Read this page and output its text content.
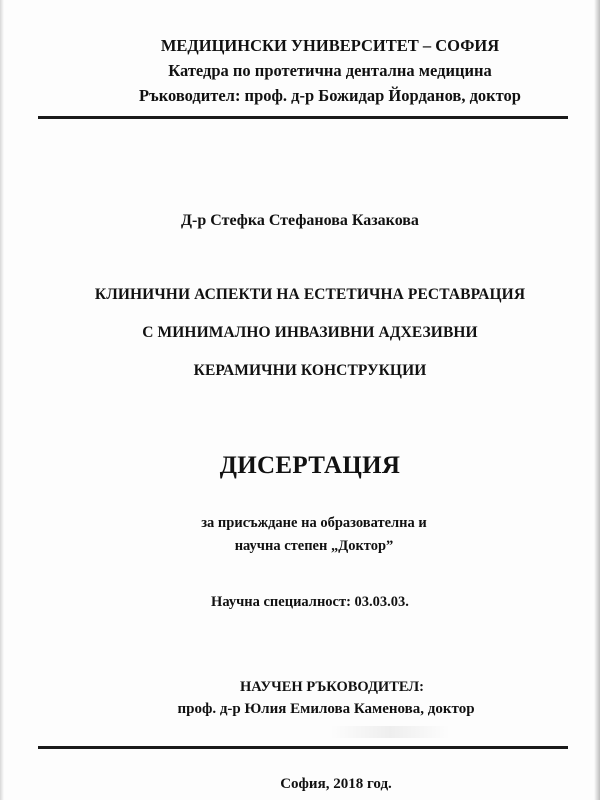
МЕДИЦИНСКИ УНИВЕРСИТЕТ – СОФИЯ
Катедра по протетична дентална медицина
Ръководител: проф. д-р Божидар Йорданов, доктор
Д-р Стефка Стефанова Казакова
КЛИНИЧНИ АСПЕКТИ НА ЕСТЕТИЧНА РЕСТАВРАЦИЯ
С МИНИМАЛНО ИНВАЗИВНИ АДХЕЗИВНИ
КЕРАМИЧНИ КОНСТРУКЦИИ
ДИСЕРТАЦИЯ
за присъждане на образователна и
научна степен „Доктор”
Научна специалност: 03.03.03.
НАУЧЕН РЪКОВОДИТЕЛ:
проф. д-р Юлия Емилова Каменова, доктор
София, 2018 год.
